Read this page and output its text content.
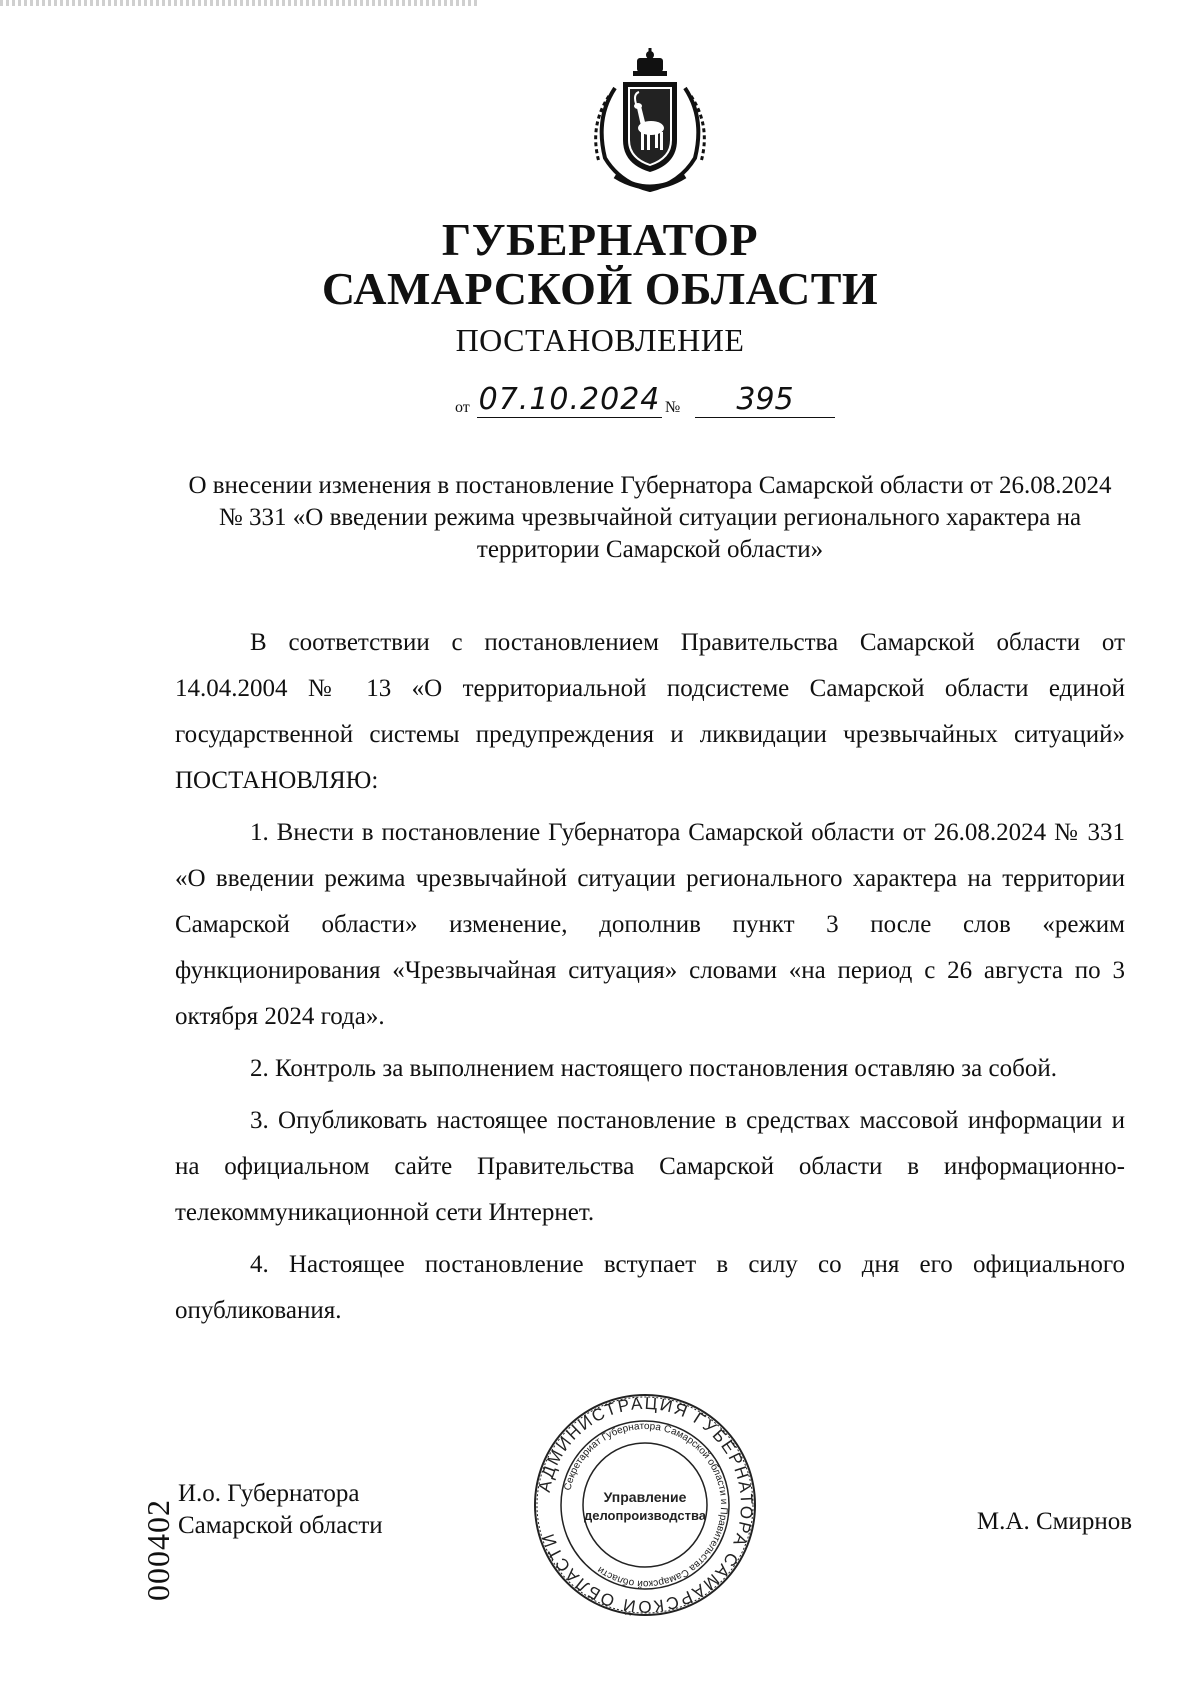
ГУБЕРНАТОР
САМАРСКОЙ ОБЛАСТИ
ПОСТАНОВЛЕНИЕ
от 07.10.2024 №	395
О внесении изменения в постановление Губернатора Самарской области от 26.08.2024 № 331 «О введении режима чрезвычайной ситуации регионального характера на территории Самарской области»

В соответствии с постановлением Правительства Самарской области от 14.04.2004 № 13 «О территориальной подсистеме Самарской области единой государственной системы предупреждения и ликвидации чрезвычайных ситуаций» ПОСТАНОВЛЯЮ:

1. Внести в постановление Губернатора Самарской области от 26.08.2024 № 331 «О введении режима чрезвычайной ситуации регионального характера на территории Самарской области» изменение, дополнив пункт 3 после слов «режим функционирования «Чрезвычайная ситуация» словами «на период с 26 августа по 3 октября 2024 года».

2. Контроль за выполнением настоящего постановления оставляю за собой.

3. Опубликовать настоящее постановление в средствах массовой информации и на официальном сайте Правительства Самарской области в информационно-телекоммуникационной сети Интернет.

4. Настоящее постановление вступает в силу со дня его официального опубликования.

000402
И.о. Губернатора
Самарской области
АДМИНИСТРАЦИЯ ГУБЕРНАТОРА САМАРСКОЙ ОБЛАСТИ
Секретариат Губернатора Самарской области и Правительства Самарской области
Управление
делопроизводства	М.А. Смирнов
